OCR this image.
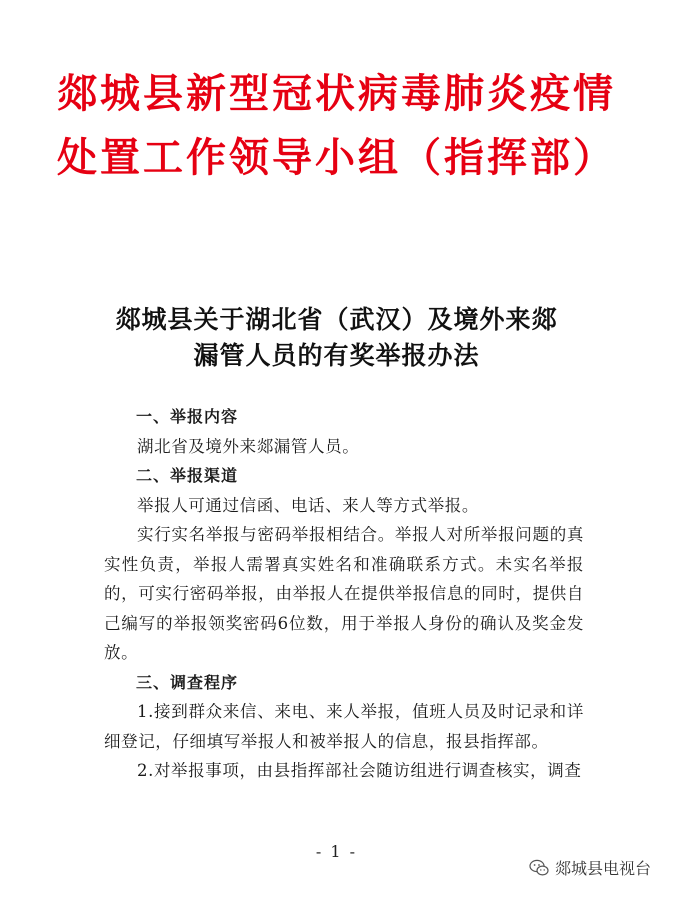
郯城县新型冠状病毒肺炎疫情
处置工作领导小组（指挥部）
郯城县关于湖北省（武汉）及境外来郯
漏管人员的有奖举报办法

一、举报内容

湖北省及境外来郯漏管人员。

二、举报渠道

举报人可通过信函、电话、来人等方式举报。

实行实名举报与密码举报相结合。举报人对所举报问题的真实性负责，举报人需署真实姓名和准确联系方式。未实名举报的，可实行密码举报，由举报人在提供举报信息的同时，提供自己编写的举报领奖密码6位数，用于举报人身份的确认及奖金发放。

三、调查程序

1.接到群众来信、来电、来人举报，值班人员及时记录和详细登记，仔细填写举报人和被举报人的信息，报县指挥部。

2.对举报事项，由县指挥部社会随访组进行调查核实，调查

- 1 -
郯城县电视台
